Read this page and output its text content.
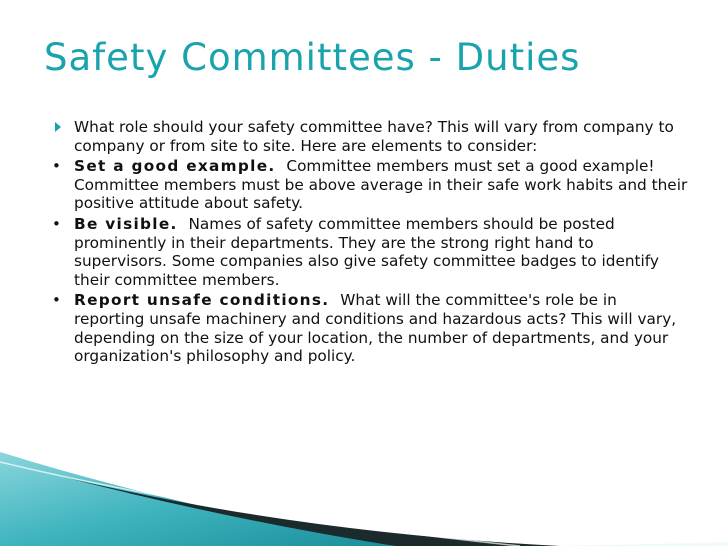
Safety Committees - Duties
What role should your safety committee have? This will vary from company to company or from site to site. Here are elements to consider:
• Set a good example. Committee members must set a good example! Committee members must be above average in their safe work habits and their positive attitude about safety.
• Be visible. Names of safety committee members should be posted prominently in their departments. They are the strong right hand to supervisors. Some companies also give safety committee badges to identify their committee members.
• Report unsafe conditions. What will the committee's role be in reporting unsafe machinery and conditions and hazardous acts? This will vary, depending on the size of your location, the number of departments, and your organization's philosophy and policy.
